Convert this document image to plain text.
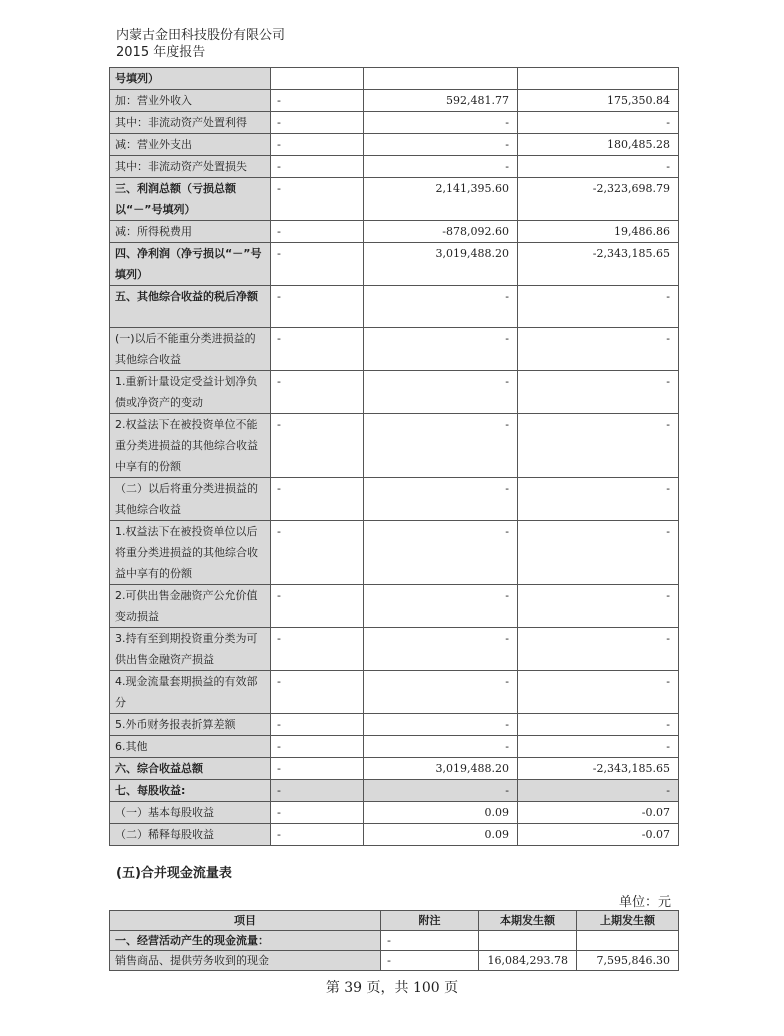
内蒙古金田科技股份有限公司
2015 年度报告
号填列）			
加：营业外收入	-	592,481.77	175,350.84
其中：非流动资产处置利得	-	-	-
减：营业外支出	-	-	180,485.28
其中：非流动资产处置损失	-	-	-
三、利润总额（亏损总额以“－”号填列）	-	2,141,395.60	-2,323,698.79
减：所得税费用	-	-878,092.60	19,486.86
四、净利润（净亏损以“－”号填列）	-	3,019,488.20	-2,343,185.65
五、其他综合收益的税后净额	-	-	-
(一)以后不能重分类进损益的其他综合收益	-	-	-
1.重新计量设定受益计划净负债或净资产的变动	-	-	-
2.权益法下在被投资单位不能重分类进损益的其他综合收益中享有的份额	-	-	-
（二）以后将重分类进损益的其他综合收益	-	-	-
1.权益法下在被投资单位以后将重分类进损益的其他综合收益中享有的份额	-	-	-
2.可供出售金融资产公允价值变动损益	-	-	-
3.持有至到期投资重分类为可供出售金融资产损益	-	-	-
4.现金流量套期损益的有效部分	-	-	-
5.外币财务报表折算差额	-	-	-
6.其他	-	-	-
六、综合收益总额	-	3,019,488.20	-2,343,185.65
七、每股收益:	-	-	-
（一）基本每股收益	-	0.09	-0.07
（二）稀释每股收益	-	0.09	-0.07
(五)合并现金流量表
单位：元
项目	附注	本期发生额	上期发生额
一、经营活动产生的现金流量：	-		
销售商品、提供劳务收到的现金	-	16,084,293.78	7,595,846.30
第 39 页，共 100 页
